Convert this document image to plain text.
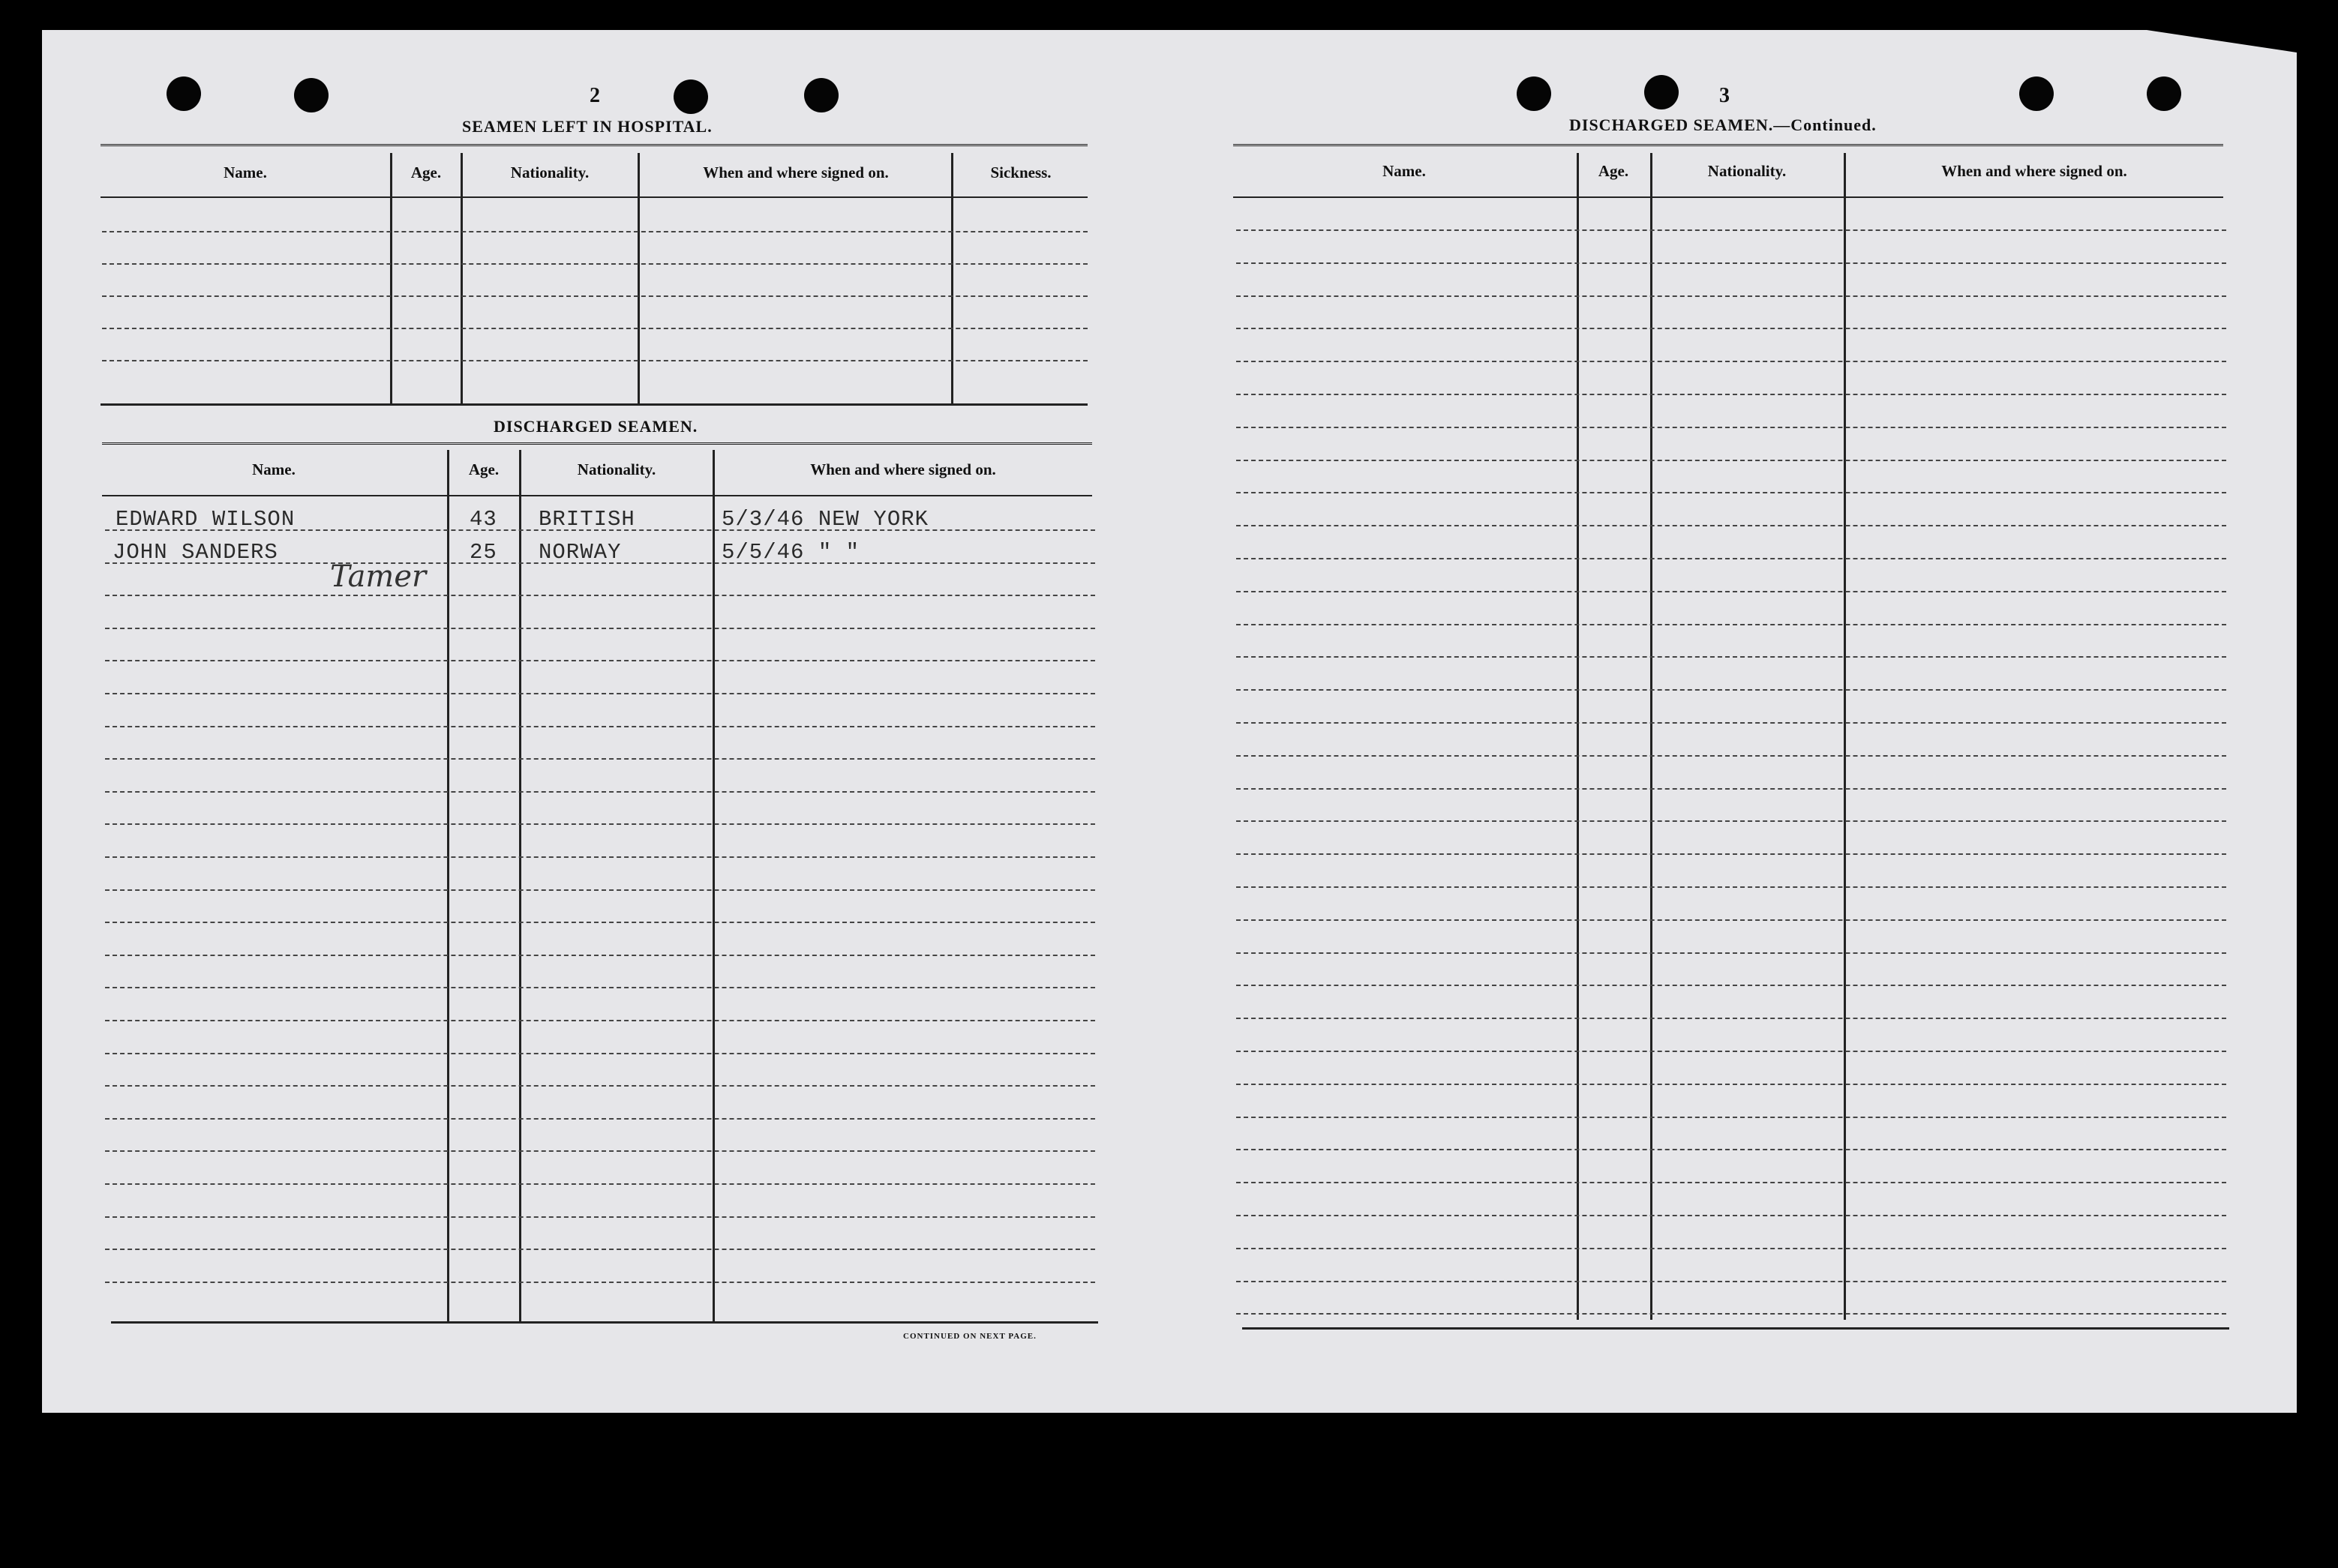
2
SEAMEN LEFT IN HOSPITAL.
Name.	Age.	Nationality.	When and where signed on.	Sickness.
DISCHARGED SEAMEN.
Name.	Age.	Nationality.	When and where signed on.
EDWARD WILSON	43 BRITISH	5/3/46 NEW YORK
JOHN SANDERS	25 NORWAY	5/5/46 " "
Tamer
CONTINUED ON NEXT PAGE.
3
DISCHARGED SEAMEN.—Continued.
Name.	Age.	Nationality.	When and where signed on.
